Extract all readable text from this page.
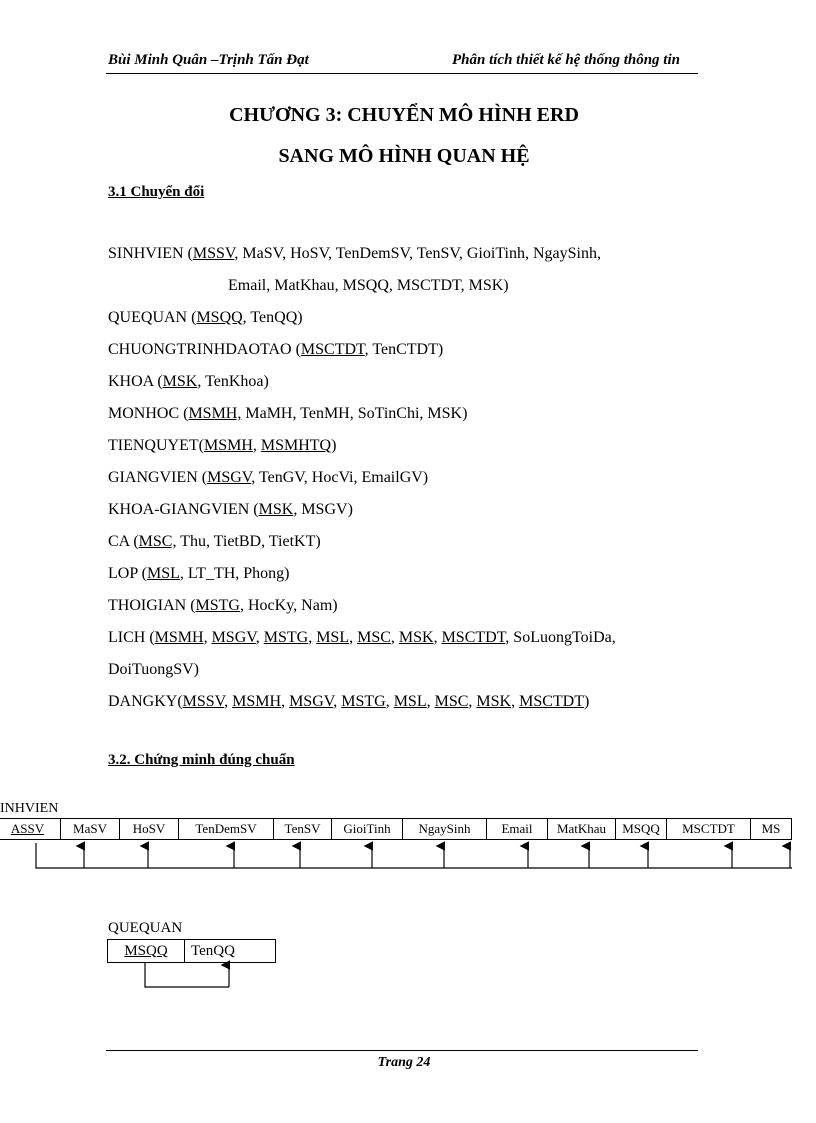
Bùi Minh Quân –Trịnh Tấn Đạt	Phân tích thiết kế hệ thống thông tin
CHƯƠNG 3: CHUYỂN MÔ HÌNH ERD
SANG MÔ HÌNH QUAN HỆ
3.1 Chuyển đổi
SINHVIEN (MSSV, MaSV, HoSV, TenDemSV, TenSV, GioiTinh, NgaySinh,
Email, MatKhau, MSQQ, MSCTDT, MSK)
QUEQUAN (MSQQ, TenQQ)
CHUONGTRINHDAOTAO (MSCTDT, TenCTDT)
KHOA (MSK, TenKhoa)
MONHOC (MSMH, MaMH, TenMH, SoTinChi, MSK)
TIENQUYET(MSMH, MSMHTQ)
GIANGVIEN (MSGV, TenGV, HocVi, EmailGV)
KHOA-GIANGVIEN (MSK, MSGV)
CA (MSC, Thu, TietBD, TietKT)
LOP (MSL, LT_TH, Phong)
THOIGIAN (MSTG, HocKy, Nam)
LICH (MSMH, MSGV, MSTG, MSL, MSC, MSK, MSCTDT, SoLuongToiDa,
DoiTuongSV)
DANGKY(MSSV, MSMH, MSGV, MSTG, MSL, MSC, MSK, MSCTDT)
3.2. Chứng minh đúng chuẩn
INHVIEN
ASSV	MaSV	HoSV	TenDemSV	TenSV	GioiTinh	NgaySinh	Email	MatKhau	MSQQ	MSCTDT	MS
QUEQUAN
MSQQ	TenQQ
Trang 24
